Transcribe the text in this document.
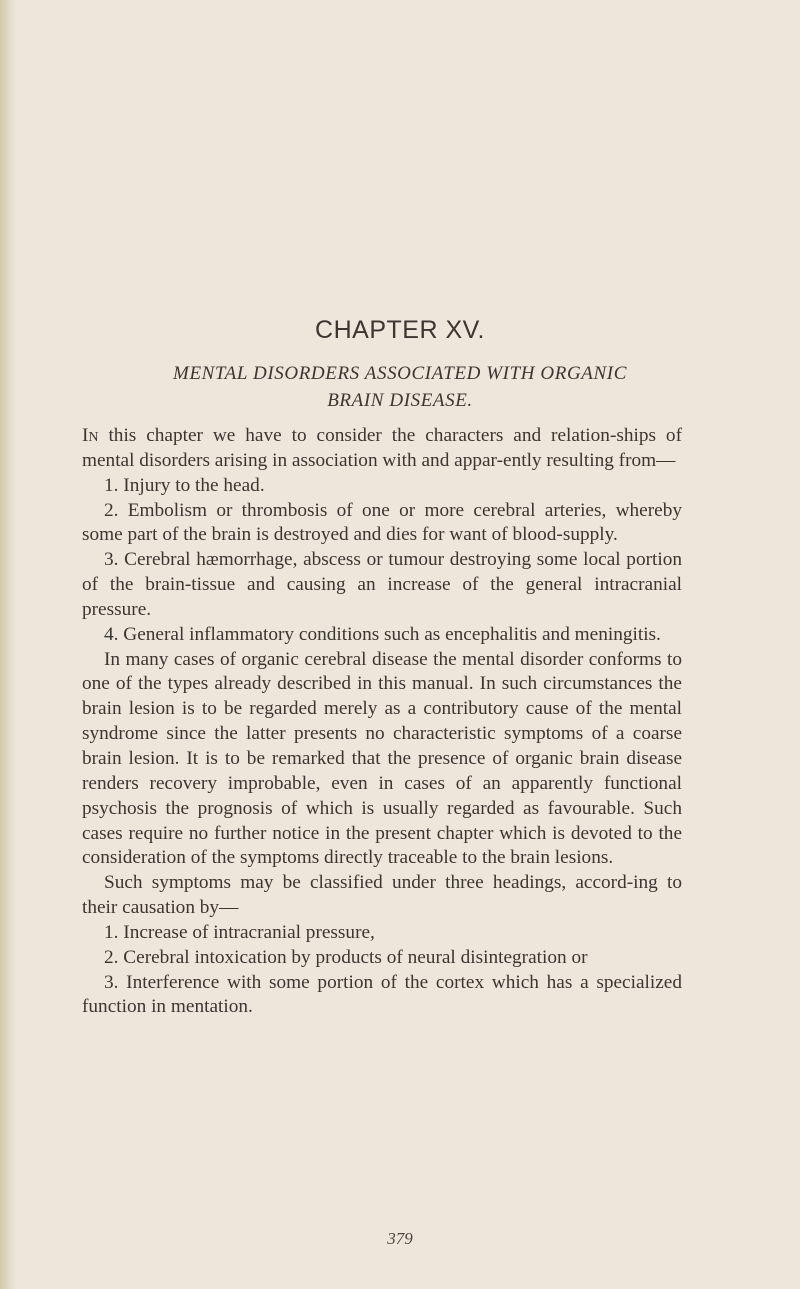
CHAPTER XV.
MENTAL DISORDERS ASSOCIATED WITH ORGANIC
BRAIN DISEASE.

In this chapter we have to consider the characters and relation-ships of mental disorders arising in association with and appar-ently resulting from—

1. Injury to the head.

2. Embolism or thrombosis of one or more cerebral arteries, whereby some part of the brain is destroyed and dies for want of blood-supply.

3. Cerebral hæmorrhage, abscess or tumour destroying some local portion of the brain-tissue and causing an increase of the general intracranial pressure.

4. General inflammatory conditions such as encephalitis and meningitis.

In many cases of organic cerebral disease the mental disorder conforms to one of the types already described in this manual. In such circumstances the brain lesion is to be regarded merely as a contributory cause of the mental syndrome since the latter presents no characteristic symptoms of a coarse brain lesion. It is to be remarked that the presence of organic brain disease renders recovery improbable, even in cases of an apparently functional psychosis the prognosis of which is usually regarded as favourable. Such cases require no further notice in the present chapter which is devoted to the consideration of the symptoms directly traceable to the brain lesions.

Such symptoms may be classified under three headings, accord-ing to their causation by—

1. Increase of intracranial pressure,

2. Cerebral intoxication by products of neural disintegration or

3. Interference with some portion of the cortex which has a specialized function in mentation.

379
